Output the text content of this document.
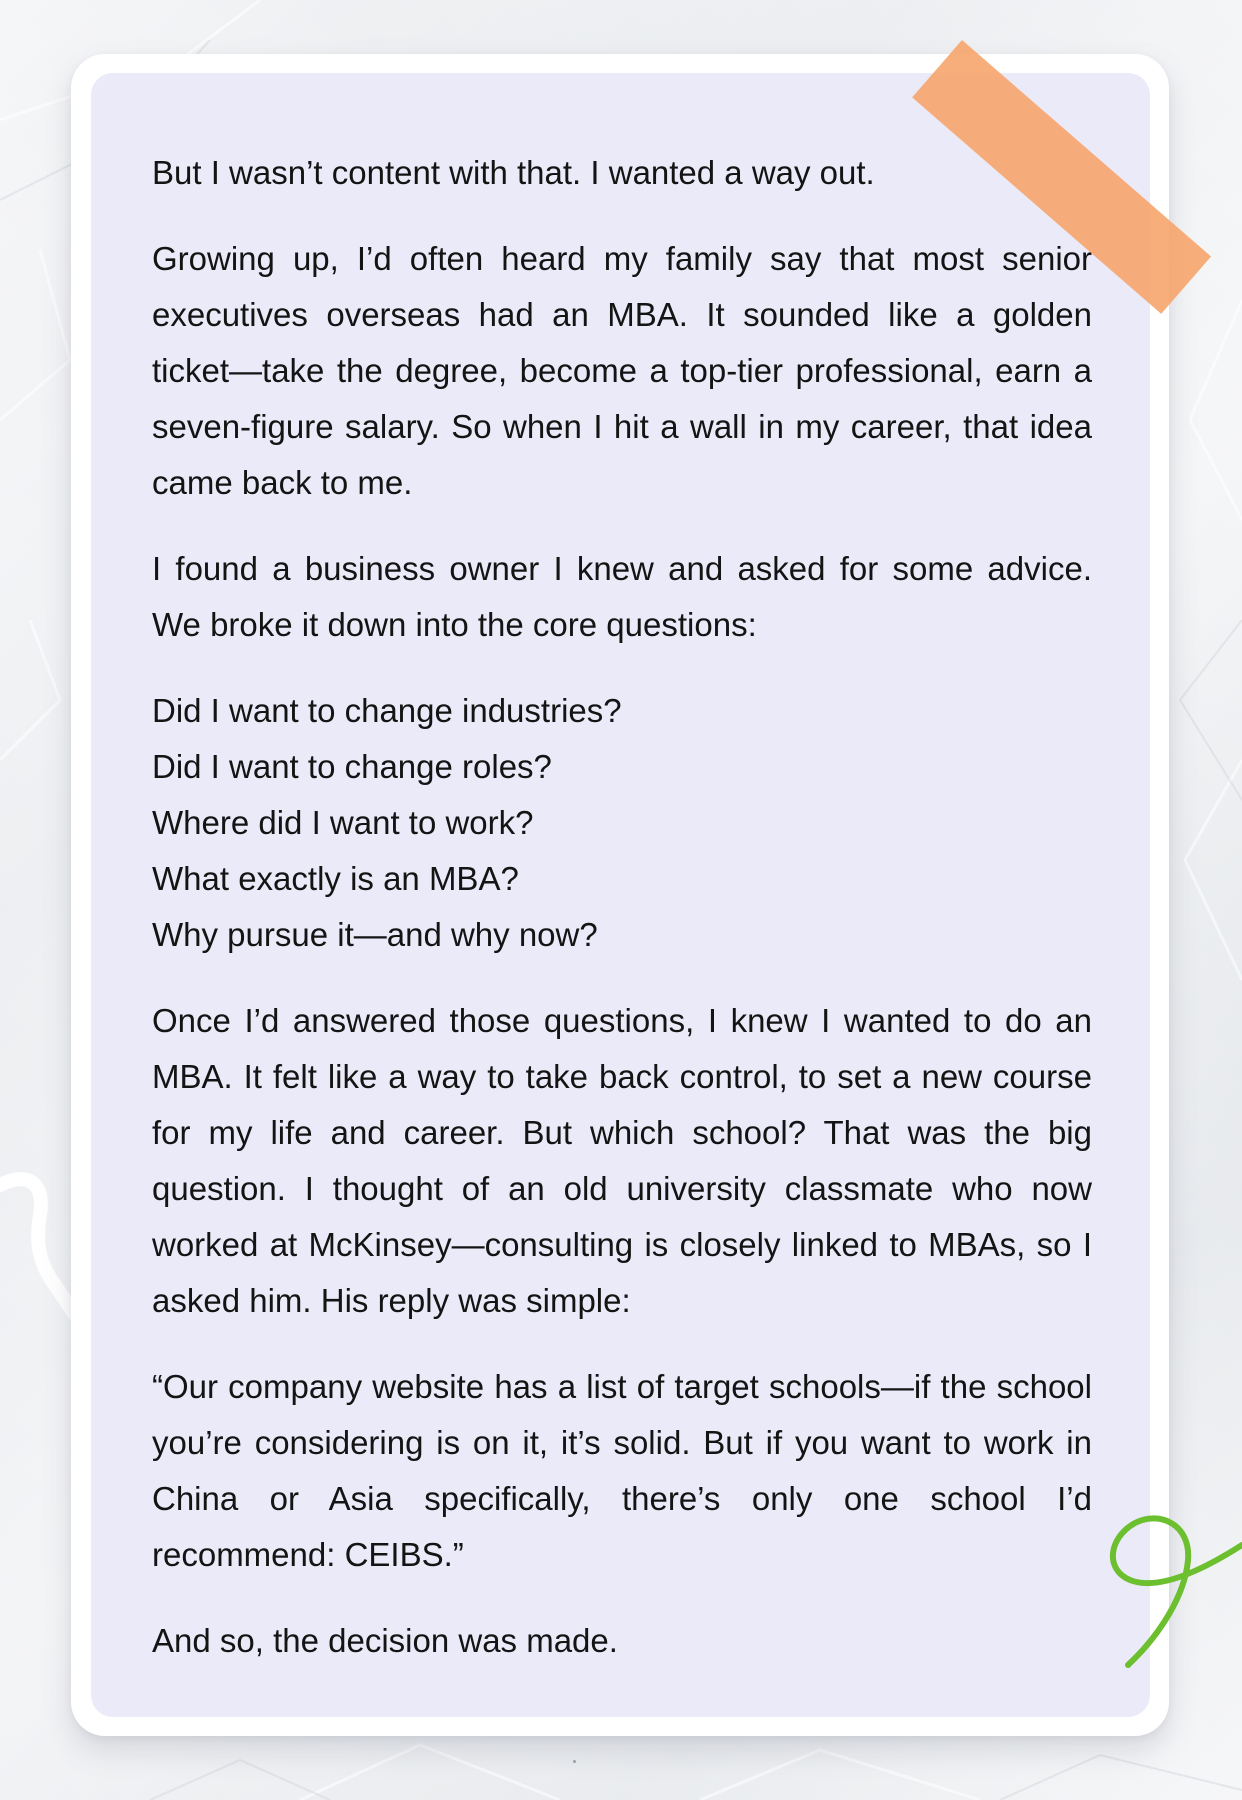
But I wasn’t content with that. I wanted a way out.

Growing up, I’d often heard my family say that most senior executives overseas had an MBA. It sounded like a golden ticket—take the degree, become a top-tier professional, earn a seven-figure salary. So when I hit a wall in my career, that idea came back to me.

I found a business owner I knew and asked for some advice. We broke it down into the core questions:

Did I want to change industries?
Did I want to change roles?
Where did I want to work?
What exactly is an MBA?
Why pursue it—and why now?

Once I’d answered those questions, I knew I wanted to do an MBA. It felt like a way to take back control, to set a new course for my life and career. But which school? That was the big question. I thought of an old university classmate who now worked at McKinsey—consulting is closely linked to MBAs, so I asked him. His reply was simple:

“Our company website has a list of target schools—if the school you’re considering is on it, it’s solid. But if you want to work in China or Asia specifically, there’s only one school I’d recommend: CEIBS.”

And so, the decision was made.
